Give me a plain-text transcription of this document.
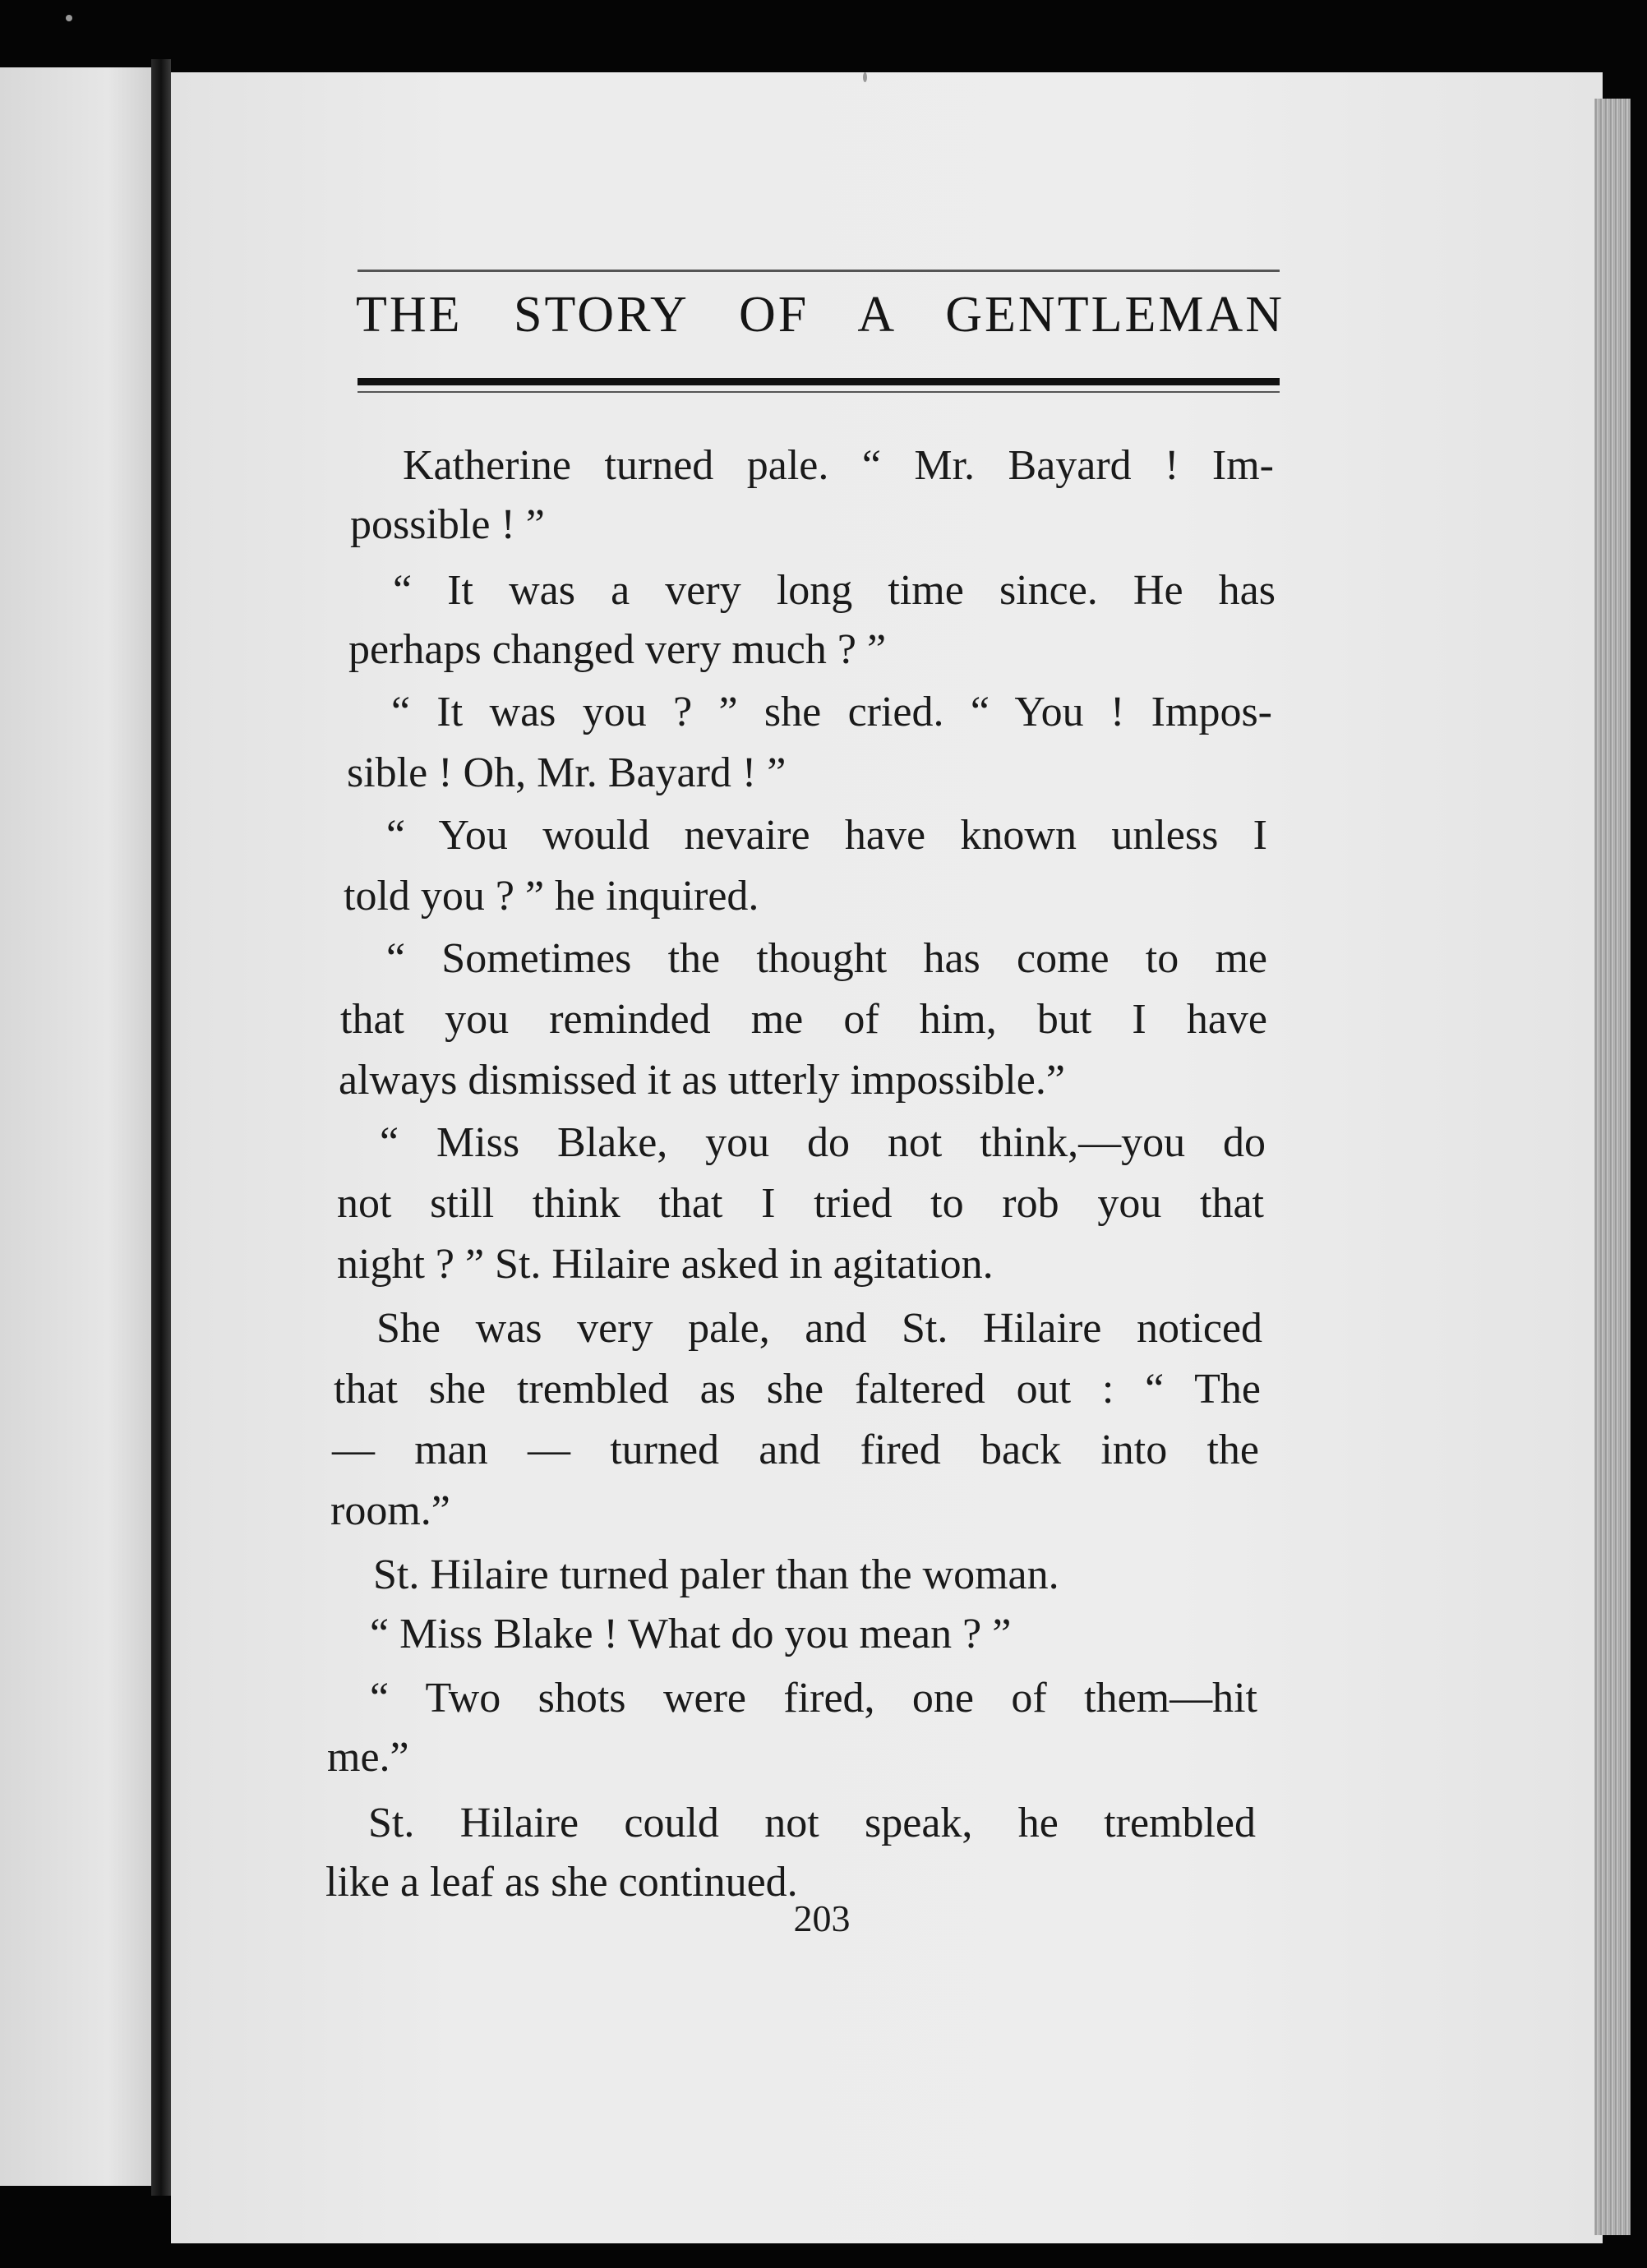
THE STORY OF A GENTLEMAN
Katherine turned pale. “ Mr. Bayard ! Im-
possible ! ”
“ It was a very long time since. He has
perhaps changed very much ? ”
“ It was you ? ” she cried. “ You ! Impos-
sible ! Oh, Mr. Bayard ! ”
“ You would nevaire have known unless I
told you ? ” he inquired.
“ Sometimes the thought has come to me
that you reminded me of him, but I have
always dismissed it as utterly impossible.”
“ Miss Blake, you do not think,—you do
not still think that I tried to rob you that
night ? ” St. Hilaire asked in agitation.
She was very pale, and St. Hilaire noticed
that she trembled as she faltered out : “ The
— man — turned and fired back into the
room.”
St. Hilaire turned paler than the woman.
“ Miss Blake ! What do you mean ? ”
“ Two shots were fired, one of them—hit
me.”
St. Hilaire could not speak, he trembled
like a leaf as she continued.
203
